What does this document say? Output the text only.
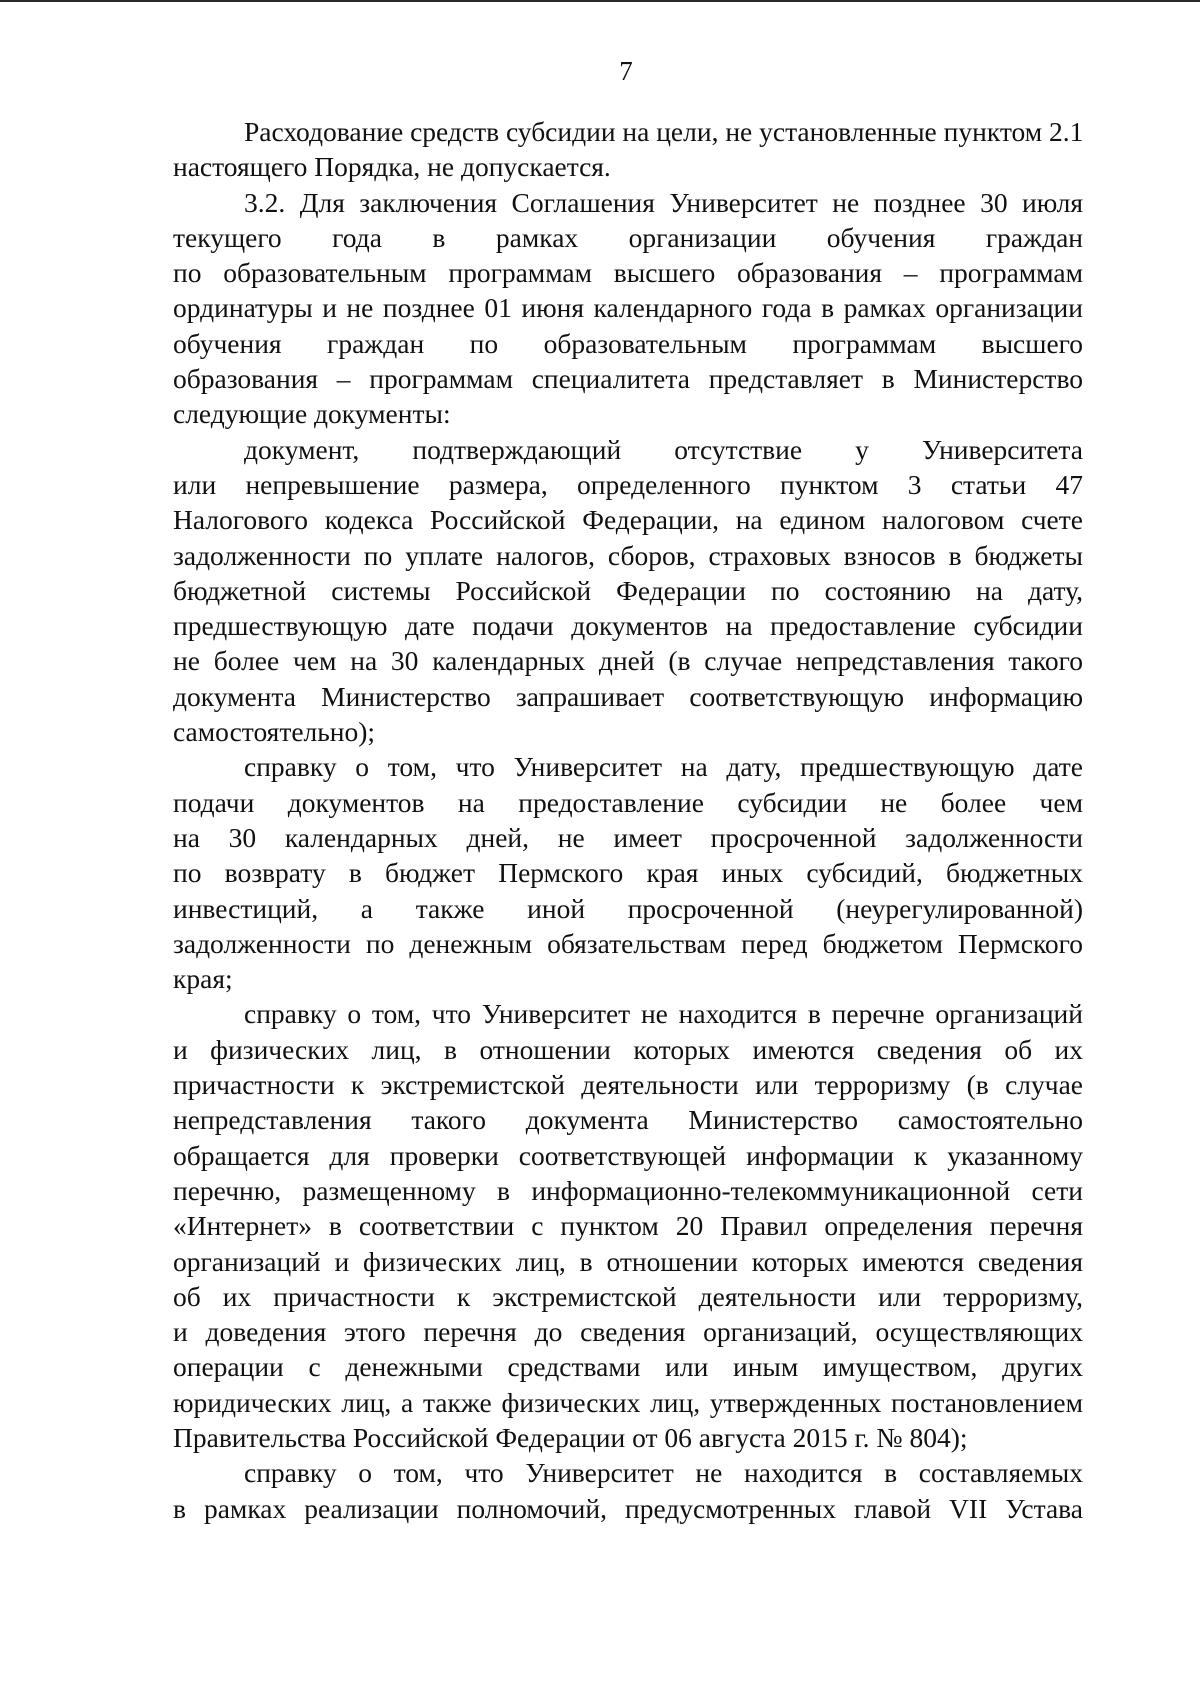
7
Расходование средств субсидии на цели, не установленные пунктом 2.1
настоящего Порядка, не допускается.
3.2. Для заключения Соглашения Университет не позднее 30 июля
текущего года в рамках организации обучения граждан
по образовательным программам высшего образования – программам
ординатуры и не позднее 01 июня календарного года в рамках организации
обучения граждан по образовательным программам высшего
образования – программам специалитета представляет в Министерство
следующие документы:
документ, подтверждающий отсутствие у Университета
или непревышение размера, определенного пунктом 3 статьи 47
Налогового кодекса Российской Федерации, на едином налоговом счете
задолженности по уплате налогов, сборов, страховых взносов в бюджеты
бюджетной системы Российской Федерации по состоянию на дату,
предшествующую дате подачи документов на предоставление субсидии
не более чем на 30 календарных дней (в случае непредставления такого
документа Министерство запрашивает соответствующую информацию
самостоятельно);
справку о том, что Университет на дату, предшествующую дате
подачи документов на предоставление субсидии не более чем
на 30 календарных дней, не имеет просроченной задолженности
по возврату в бюджет Пермского края иных субсидий, бюджетных
инвестиций, а также иной просроченной (неурегулированной)
задолженности по денежным обязательствам перед бюджетом Пермского
края;
справку о том, что Университет не находится в перечне организаций
и физических лиц, в отношении которых имеются сведения об их
причастности к экстремистской деятельности или терроризму (в случае
непредставления такого документа Министерство самостоятельно
обращается для проверки соответствующей информации к указанному
перечню, размещенному в информационно-телекоммуникационной сети
«Интернет» в соответствии с пунктом 20 Правил определения перечня
организаций и физических лиц, в отношении которых имеются сведения
об их причастности к экстремистской деятельности или терроризму,
и доведения этого перечня до сведения организаций, осуществляющих
операции с денежными средствами или иным имуществом, других
юридических лиц, а также физических лиц, утвержденных постановлением
Правительства Российской Федерации от 06 августа 2015 г. № 804);
справку о том, что Университет не находится в составляемых
в рамках реализации полномочий, предусмотренных главой VII Устава
